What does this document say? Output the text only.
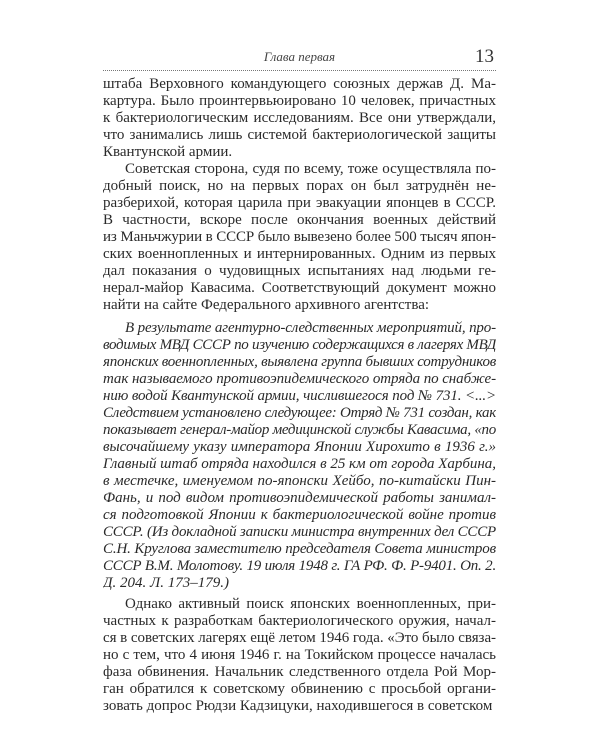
Глава первая	13
штаба Верховного командующего союзных держав Д. Ма-
картура. Было проинтервьюировано 10 человек, причастных
к бактериологическим исследованиям. Все они утверждали,
что занимались лишь системой бактериологической защиты
Квантунской армии.
Советская сторона, судя по всему, тоже осуществляла по-
добный поиск, но на первых порах он был затруднён не-
разберихой, которая царила при эвакуации японцев в СССР.
В частности, вскоре после окончания военных действий
из Маньчжурии в СССР было вывезено более 500 тысяч япон-
ских военнопленных и интернированных. Одним из первых
дал показания о чудовищных испытаниях над людьми ге-
нерал-майор Кавасима. Соответствующий документ можно
найти на сайте Федерального архивного агентства:
В результате агентурно-следственных мероприятий, про-
водимых МВД СССР по изучению содержащихся в лагерях МВД
японских военнопленных, выявлена группа бывших сотрудников
так называемого противоэпидемического отряда по снабже-
нию водой Квантунской армии, числившегося под № 731. <...>
Следствием установлено следующее: Отряд № 731 создан, как
показывает генерал-майор медицинской службы Кавасима, «по
высочайшему указу императора Японии Хирохито в 1936 г.»
Главный штаб отряда находился в 25 км от города Харбина,
в местечке, именуемом по-японски Хейбо, по-китайски Пин-
Фань, и под видом противоэпидемической работы занимал-
ся подготовкой Японии к бактериологической войне против
СССР. (Из докладной записки министра внутренних дел СССР
С.Н. Круглова заместителю председателя Совета министров
СССР В.М. Молотову. 19 июля 1948 г. ГА РФ. Ф. Р-9401. Оп. 2.
Д. 204. Л. 173–179.)
Однако активный поиск японских военнопленных, при-
частных к разработкам бактериологического оружия, начал-
ся в советских лагерях ещё летом 1946 года. «Это было связа-
но с тем, что 4 июня 1946 г. на Токийском процессе началась
фаза обвинения. Начальник следственного отдела Рой Мор-
ган обратился к советскому обвинению с просьбой органи-
зовать допрос Рюдзи Кадзицуки, находившегося в советском
